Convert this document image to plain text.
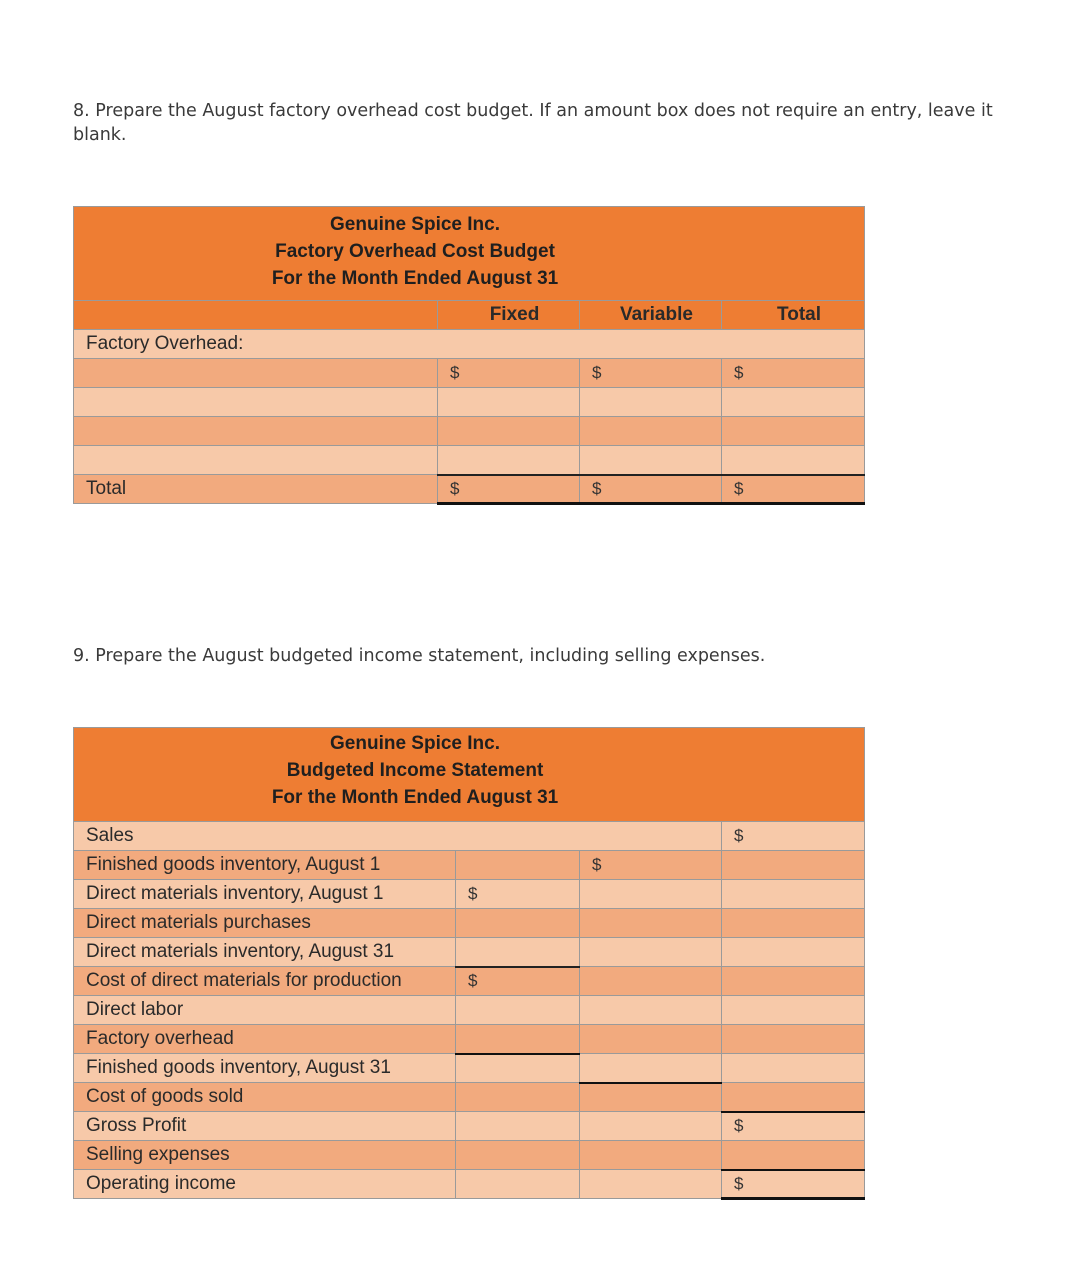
8. Prepare the August factory overhead cost budget. If an amount box does not require an entry, leave it blank.

Genuine Spice Inc.
Factory Overhead Cost Budget
For the Month Ended August 31			

	Fixed	Variable	Total
Factory Overhead:			
	$	$	$

Total	$	$	$

9. Prepare the August budgeted income statement, including selling expenses.

Genuine Spice Inc.
Budgeted Income Statement
For the Month Ended August 31			

Sales			$
Finished goods inventory, August 1		$	
Direct materials inventory, August 1	$		
Direct materials purchases			
Direct materials inventory, August 31			
Cost of direct materials for production	$		
Direct labor			
Factory overhead			
Finished goods inventory, August 31			
Cost of goods sold			
Gross Profit			$
Selling expenses			
Operating income			$
